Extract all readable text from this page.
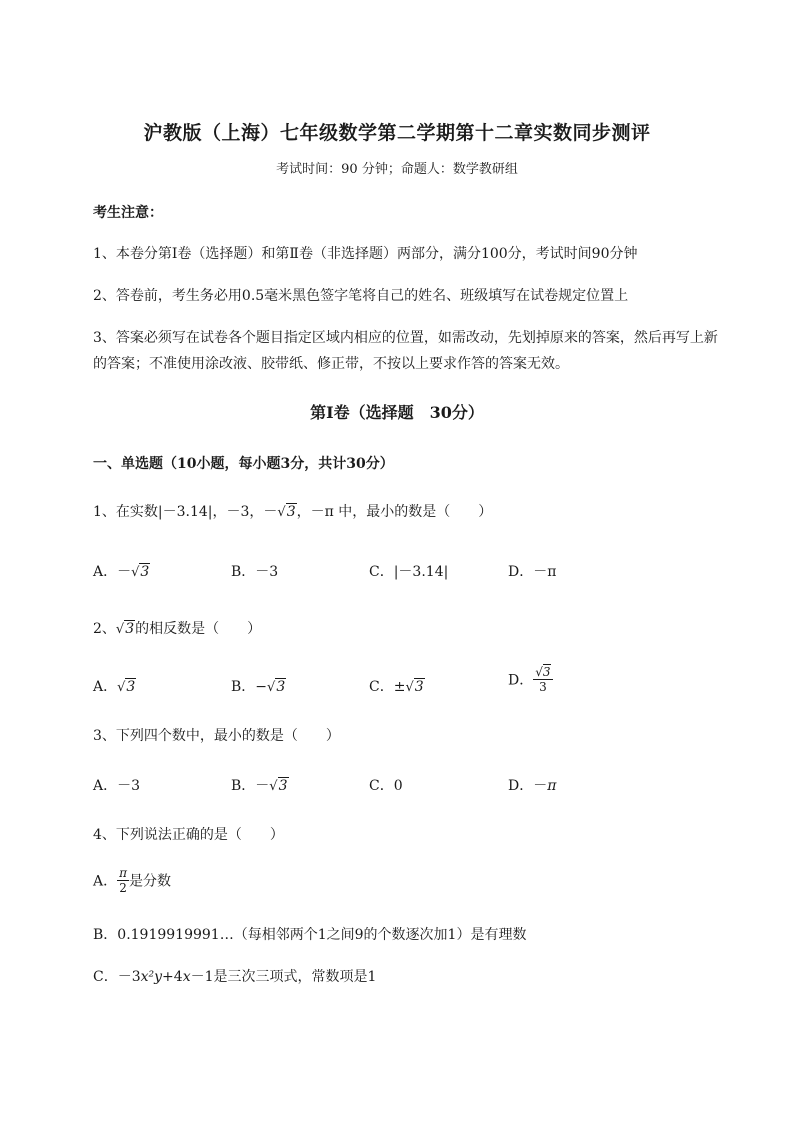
沪教版（上海）七年级数学第二学期第十二章实数同步测评
考试时间：90 分钟；命题人：数学教研组
考生注意：
1、本卷分第I卷（选择题）和第Ⅱ卷（非选择题）两部分，满分100分，考试时间90分钟
2、答卷前，考生务必用0.5毫米黑色签字笔将自己的姓名、班级填写在试卷规定位置上
3、答案必须写在试卷各个题目指定区域内相应的位置，如需改动，先划掉原来的答案，然后再写上新
的答案；不准使用涂改液、胶带纸、修正带，不按以上要求作答的答案无效。
第I卷（选择题　30分）
一、单选题（10小题，每小题3分，共计30分）
1、在实数|－3.14|，－3，－√3，－π 中，最小的数是（　　）
A．－√3	B．－3	C．|－3.14|	D．－π
2、√3的相反数是（　　）
A．√3	B．−√3	C．±√3	D． $\frac{√3}{3}$
3、下列四个数中，最小的数是（　　）
A．－3	B．－√3	C．0	D．－π
4、下列说法正确的是（　　）
A． $\frac{\pi}{2}$ 是分数
B．0.1919919991…（每相邻两个1之间9的个数逐次加1）是有理数
C．－3x²y+4x－1是三次三项式，常数项是1
